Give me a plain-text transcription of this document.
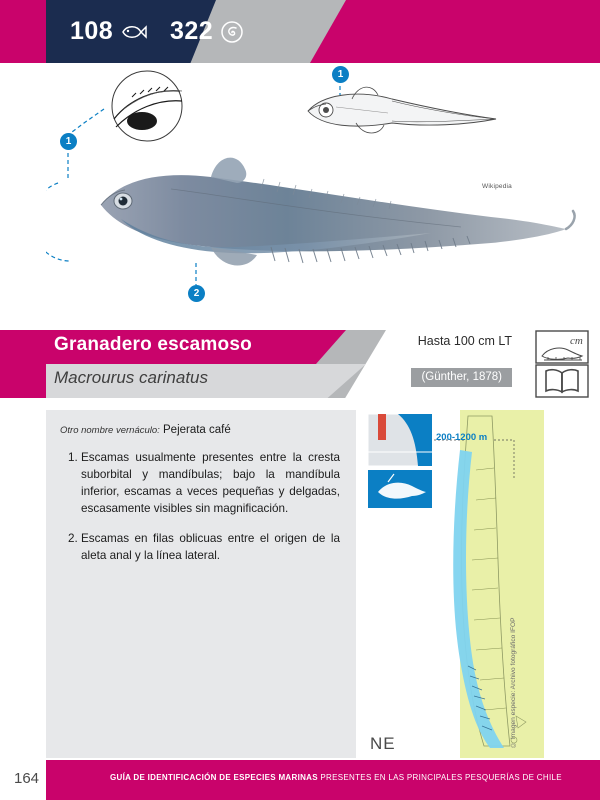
108 322
1
Wikipedia
1
2
Granadero escamoso
Macrourus carinatus
Hasta 100 cm LT
(Günther, 1878)
cm
Otro nombre vernáculo: Pejerata café
1. Escamas usualmente presentes entre la cresta suborbital y mandíbulas; bajo la mandíbula inferior, escamas a veces pequeñas y delgadas, escasamente visibles sin magnificación.
2. Escamas en filas oblicuas entre el origen de la aleta anal y la línea lateral.
200-1200 m
NE	© Imagen especie: Archivo fotográfico IFOP
164	GUÍA DE IDENTIFICACIÓN DE ESPECIES MARINAS PRESENTES EN LAS PRINCIPALES PESQUERÍAS DE CHILE
